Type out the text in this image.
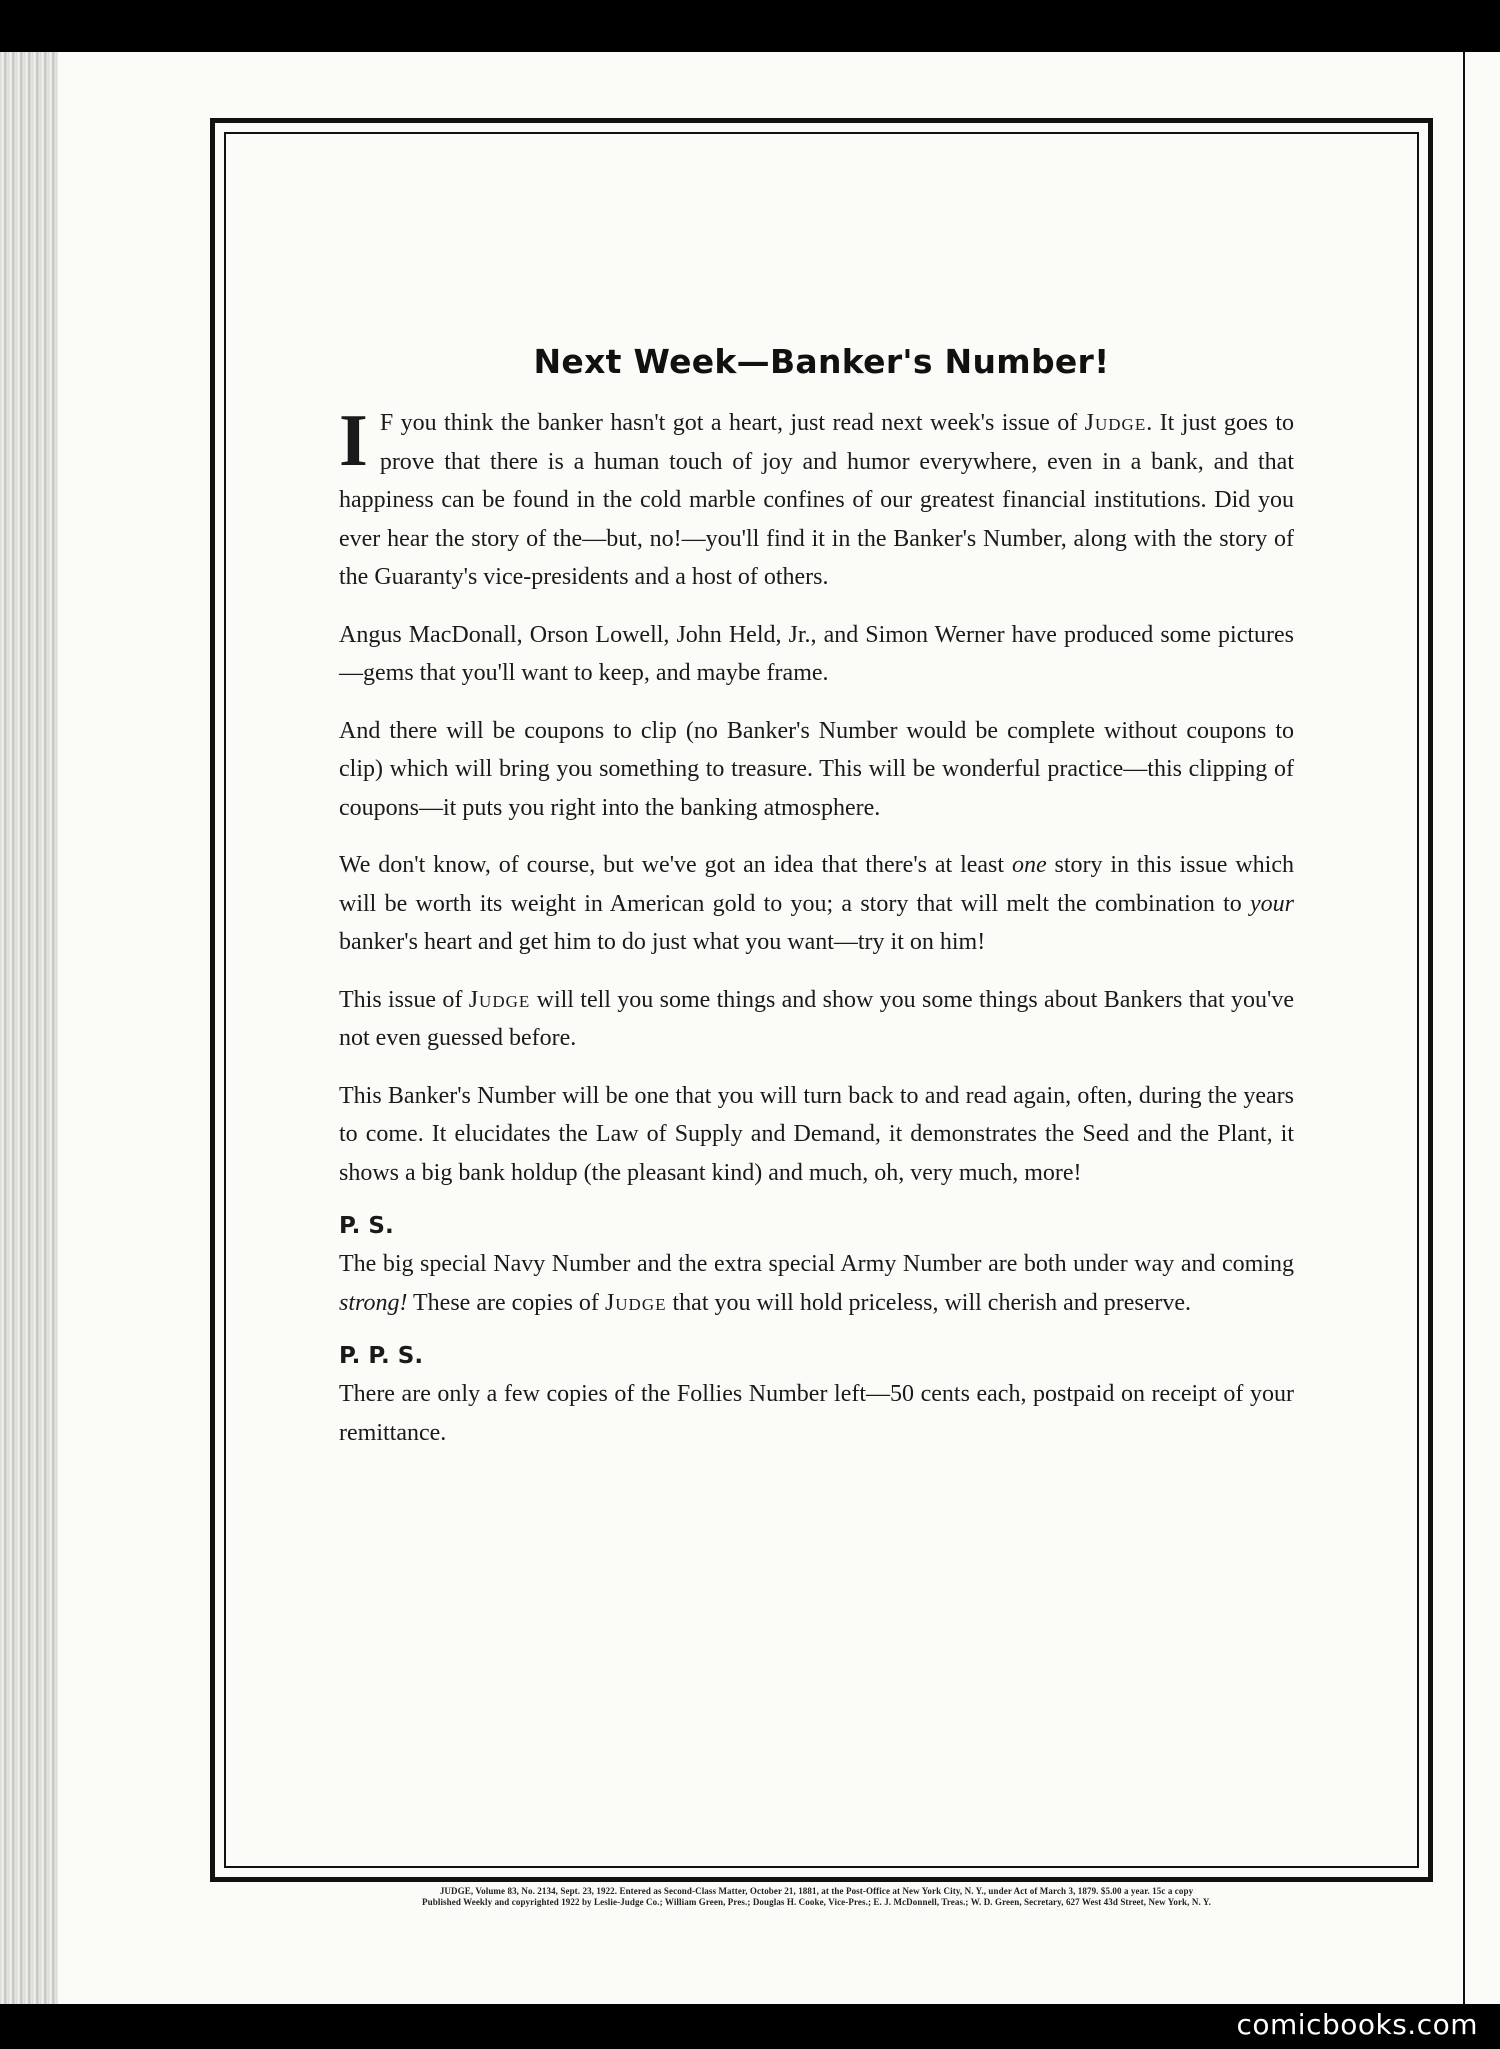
Next Week—Banker's Number!

I F you think the banker hasn't got a heart, just read next week's issue of Judge. It just goes to prove that there is a human touch of joy and humor everywhere, even in a bank, and that happiness can be found in the cold marble confines of our greatest financial institutions. Did you ever hear the story of the—but, no!—you'll find it in the Banker's Number, along with the story of the Guaranty's vice-presidents and a host of others.

Angus MacDonall, Orson Lowell, John Held, Jr., and Simon Werner have produced some pictures—gems that you'll want to keep, and maybe frame.

And there will be coupons to clip (no Banker's Number would be complete without coupons to clip) which will bring you something to treasure. This will be wonderful practice—this clipping of coupons—it puts you right into the banking atmosphere.

We don't know, of course, but we've got an idea that there's at least one story in this issue which will be worth its weight in American gold to you; a story that will melt the combination to your banker's heart and get him to do just what you want—try it on him!

This issue of Judge will tell you some things and show you some things about Bankers that you've not even guessed before.

This Banker's Number will be one that you will turn back to and read again, often, during the years to come. It elucidates the Law of Supply and Demand, it demonstrates the Seed and the Plant, it shows a big bank holdup (the pleasant kind) and much, oh, very much, more!

P. S.

The big special Navy Number and the extra special Army Number are both under way and coming strong! These are copies of Judge that you will hold priceless, will cherish and preserve.

P. P. S.

There are only a few copies of the Follies Number left—50 cents each, postpaid on receipt of your remittance.

JUDGE, Volume 83, No. 2134, Sept. 23, 1922. Entered as Second-Class Matter, October 21, 1881, at the Post-Office at New York City, N. Y., under Act of March 3, 1879. $5.00 a year. 15c a copy
Published Weekly and copyrighted 1922 by Leslie-Judge Co.; William Green, Pres.; Douglas H. Cooke, Vice-Pres.; E. J. McDonnell, Treas.; W. D. Green, Secretary, 627 West 43d Street, New York, N. Y.
comicbooks.com
